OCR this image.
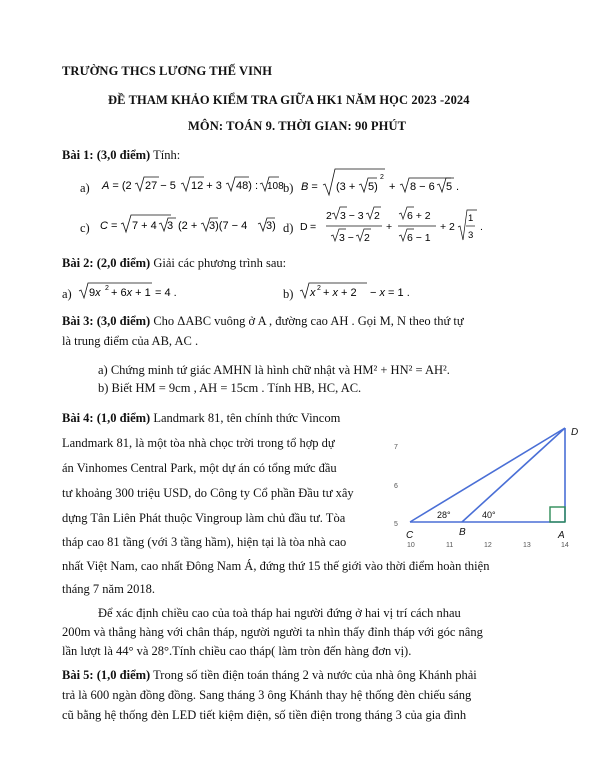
TRƯỜNG THCS LƯƠNG THẾ VINH
ĐỀ THAM KHẢO KIỂM TRA GIỮA HK1 NĂM HỌC 2023 -2024
MÔN: TOÁN 9. THỜI GIAN: 90 PHÚT
Bài 1: (3,0 điểm) Tính:
a) A = (2 27 − 5 12 + 3 48) : 108 b) B = (3 + 5)
2
+ 8 − 6 5 .
c) C = 7 + 4 3 (2 + 3)(7 − 4 3) d) D =
2 3 − 3 2
3 − 2
+
6 + 2
6 − 1
+ 2
1
3
.
Bài 2: (2,0 điểm) Giải các phương trình sau:
a) 9x 2 + 6x + 1 = 4 .	b) x 2 + x + 2 − x = 1 .
Bài 3: (3,0 điểm) Cho ΔABC vuông ở A , đường cao AH . Gọi M, N theo thứ tự
là trung điểm của AB, AC .
a) Chứng minh tứ giác AMHN là hình chữ nhật và HM² + HN² = AH².
b) Biết HM = 9cm , AH = 15cm . Tính HB, HC, AC.
Bài 4: (1,0 điểm) Landmark 81, tên chính thức Vincom
Landmark 81, là một tòa nhà chọc trời trong tổ hợp dự
án Vinhomes Central Park, một dự án có tổng mức đầu
tư khoảng 300 triệu USD, do Công ty Cổ phần Đầu tư xây
dựng Tân Liên Phát thuộc Vingroup làm chủ đầu tư. Tòa
tháp cao 81 tầng (với 3 tầng hầm), hiện tại là tòa nhà cao
nhất Việt Nam, cao nhất Đông Nam Á, đứng thứ 15 thế giới vào thời điểm hoàn thiện
tháng 7 năm 2018.
Để xác định chiều cao của toà tháp hai người đứng ở hai vị trí cách nhau
200m và thẳng hàng với chân tháp, người người ta nhìn thấy đỉnh tháp với góc nâng
lần lượt là 44° và 28°.Tính chiều cao tháp( làm tròn đến hàng đơn vị).
7
6
5
28°	40°
C	B	A
D
10	11	12	13	14
Bài 5: (1,0 điểm) Trong số tiền điện toán tháng 2 và nước của nhà ông Khánh phải
trả là 600 ngàn đồng đồng. Sang tháng 3 ông Khánh thay hệ thống đèn chiếu sáng
cũ bằng hệ thống đèn LED tiết kiệm điện, số tiền điện trong tháng 3 của gia đình
